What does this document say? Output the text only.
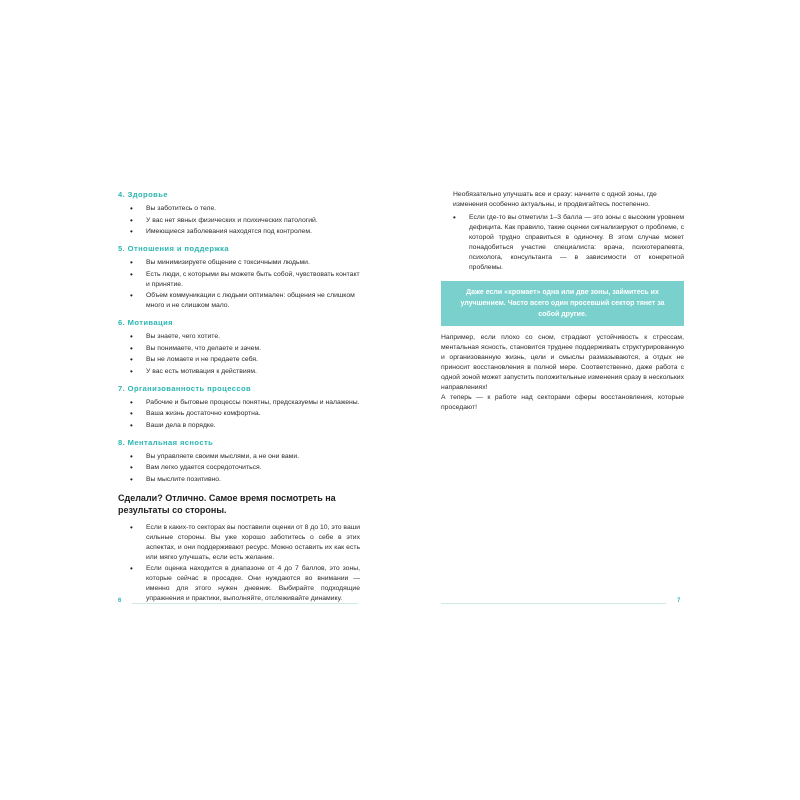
4. Здоровье
• Вы заботитесь о теле.
• У вас нет явных физических и психических патологий.
• Имеющиеся заболевания находятся под контролем.
5. Отношения и поддержка
• Вы минимизируете общение с токсичными людьми.
• Есть люди, с которыми вы можете быть собой, чувствовать контакт и принятие.
• Объем коммуникации с людьми оптимален: общения не слишком много и не слишком мало.
6. Мотивация
• Вы знаете, чего хотите.
• Вы понимаете, что делаете и зачем.
• Вы не ломаете и не предаете себя.
• У вас есть мотивация к действиям.
7. Организованность процессов
• Рабочие и бытовые процессы понятны, предсказуемы и налажены.
• Ваша жизнь достаточно комфортна.
• Ваши дела в порядке.
8. Ментальная ясность
• Вы управляете своими мыслями, а не они вами.
• Вам легко удается сосредоточиться.
• Вы мыслите позитивно.
Сделали? Отлично. Самое время посмотреть на результаты со стороны.
• Если в каких-то секторах вы поставили оценки от 8 до 10, это ваши сильные стороны. Вы уже хорошо заботитесь о себе в этих аспектах, и они поддерживают ресурс. Можно оставить их как есть или мягко улучшать, если есть желание.
• Если оценка находится в диапазоне от 4 до 7 баллов, это зоны, которые сейчас в просадке. Они нуждаются во внимании — именно для этого нужен дневник. Выбирайте подходящие упражнения и практики, выполняйте, отслеживайте динамику.

Необязательно улучшать все и сразу: начните с одной зоны, где изменения особенно актуальны, и продвигайтесь постепенно.

• Если где-то вы отметили 1–3 балла — это зоны с высоким уровнем дефицита. Как правило, такие оценки сигнализируют о проблеме, с которой трудно справиться в одиночку. В этом случае может понадобиться участие специалиста: врача, психотерапевта, психолога, консультанта — в зависимости от конкретной проблемы.
Даже если «хромает» одна или две зоны, займитесь их улучшением. Часто всего один просевший сектор тянет за собой другие.

Например, если плохо со сном, страдают устойчивость к стрессам, ментальная ясность, становится труднее поддерживать структурированную и организованную жизнь, цели и смыслы размазываются, а отдых не приносит восстановления в полной мере. Соответственно, даже работа с одной зоной может запустить положительные изменения сразу в нескольких направлениях!

А теперь — к работе над секторами сферы восстановления, которые проседают!

6	7
